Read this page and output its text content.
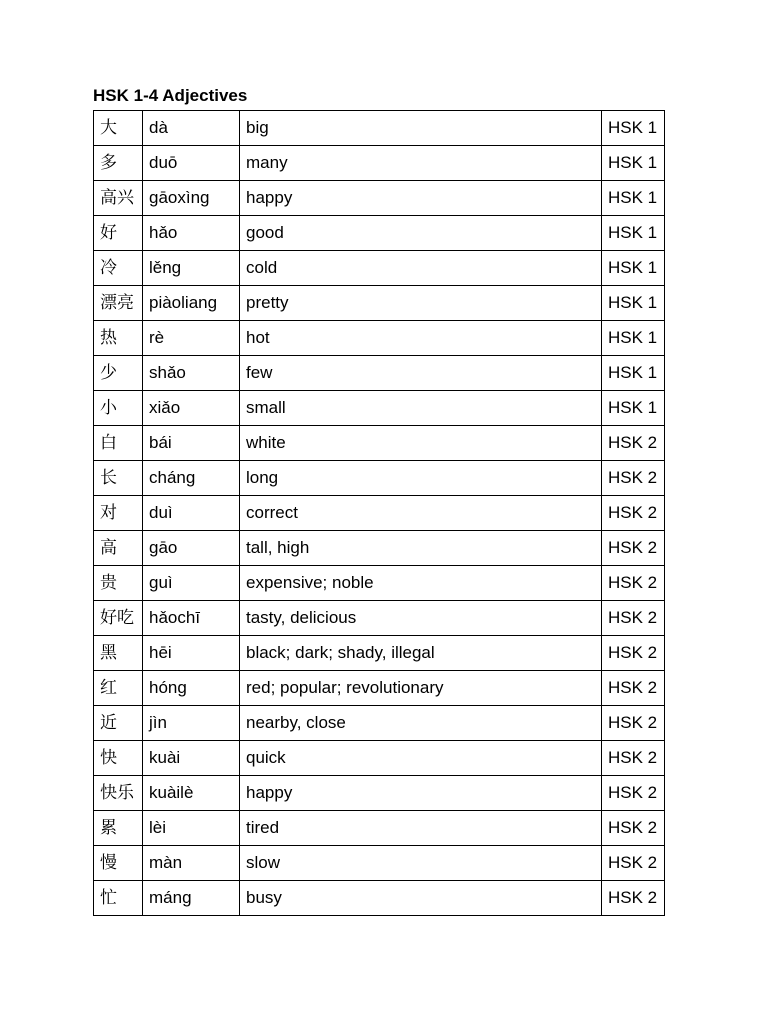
HSK 1-4 Adjectives
大	dà	big	HSK 1
多	duō	many	HSK 1
高兴	gāoxìng	happy	HSK 1
好	hǎo	good	HSK 1
冷	lěng	cold	HSK 1
漂亮	piàoliang	pretty	HSK 1
热	rè	hot	HSK 1
少	shǎo	few	HSK 1
小	xiǎo	small	HSK 1
白	bái	white	HSK 2
长	cháng	long	HSK 2
对	duì	correct	HSK 2
高	gāo	tall, high	HSK 2
贵	guì	expensive; noble	HSK 2
好吃	hǎochī	tasty, delicious	HSK 2
黑	hēi	black; dark; shady, illegal	HSK 2
红	hóng	red; popular; revolutionary	HSK 2
近	jìn	nearby, close	HSK 2
快	kuài	quick	HSK 2
快乐	kuàilè	happy	HSK 2
累	lèi	tired	HSK 2
慢	màn	slow	HSK 2
忙	máng	busy	HSK 2
